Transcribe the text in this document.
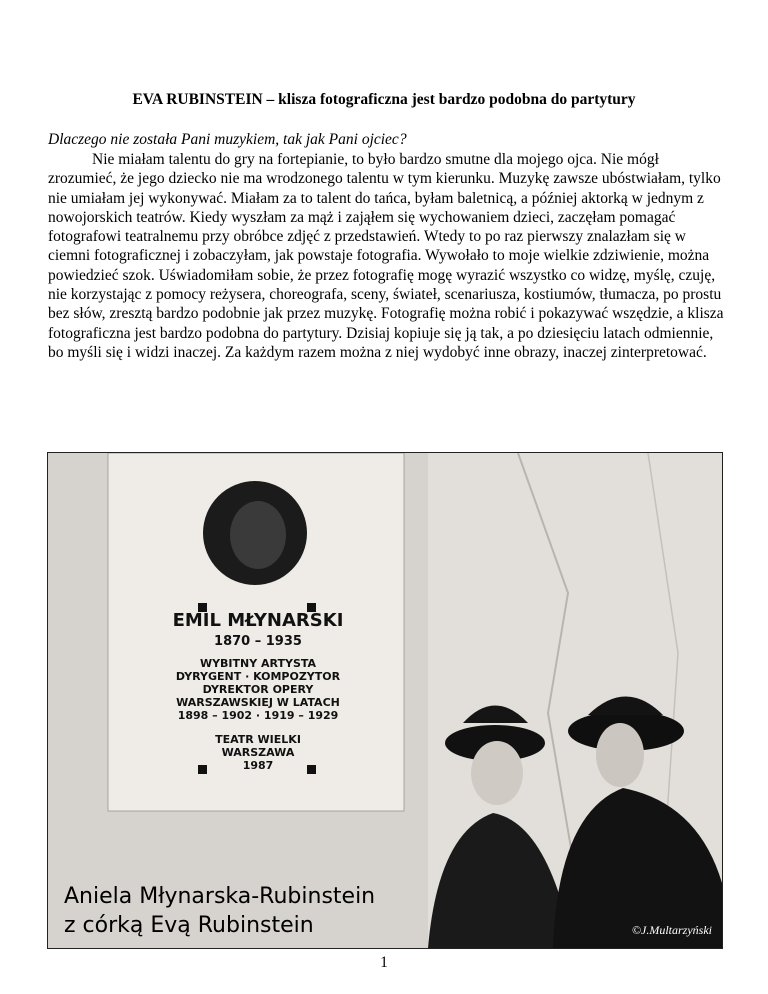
EVA RUBINSTEIN – klisza fotograficzna jest bardzo podobna do partytury
Dlaczego nie została Pani muzykiem, tak jak Pani ojciec?

Nie miałam talentu do gry na fortepianie, to było bardzo smutne dla mojego ojca. Nie mógł zrozumieć, że jego dziecko nie ma wrodzonego talentu w tym kierunku. Muzykę zawsze ubóstwiałam, tylko nie umiałam jej wykonywać. Miałam za to talent do tańca, byłam baletnicą, a później aktorką w jednym z nowojorskich teatrów. Kiedy wyszłam za mąż i zająłem się wychowaniem dzieci, zaczęłam pomagać fotografowi teatralnemu przy obróbce zdjęć z przedstawień. Wtedy to po raz pierwszy znalazłam się w ciemni fotograficznej i zobaczyłam, jak powstaje fotografia. Wywołało to moje wielkie zdziwienie, można powiedzieć szok. Uświadomiłam sobie, że przez fotografię mogę wyrazić wszystko co widzę, myślę, czuję, nie korzystając z pomocy reżysera, choreografa, sceny, świateł, scenariusza, kostiumów, tłumacza, po prostu bez słów, zresztą bardzo podobnie jak przez muzykę. Fotografię można robić i pokazywać wszędzie, a klisza fotograficzna jest bardzo podobna do partytury. Dzisiaj kopiuje się ją tak, a po dziesięciu latach odmiennie, bo myśli się i widzi inaczej. Za każdym razem można z niej wydobyć inne obrazy, inaczej zinterpretować.

EMIL MŁYNARSKI
1870 – 1935
WYBITNY ARTYSTA
DYRYGENT · KOMPOZYTOR
DYREKTOR OPERY
WARSZAWSKIEJ W LATACH
1898 – 1902 · 1919 – 1929
TEATR WIELKI
WARSZAWA
1987
Aniela Młynarska-Rubinstein
z córką Evą Rubinstein	©J.Multarzyński
1
